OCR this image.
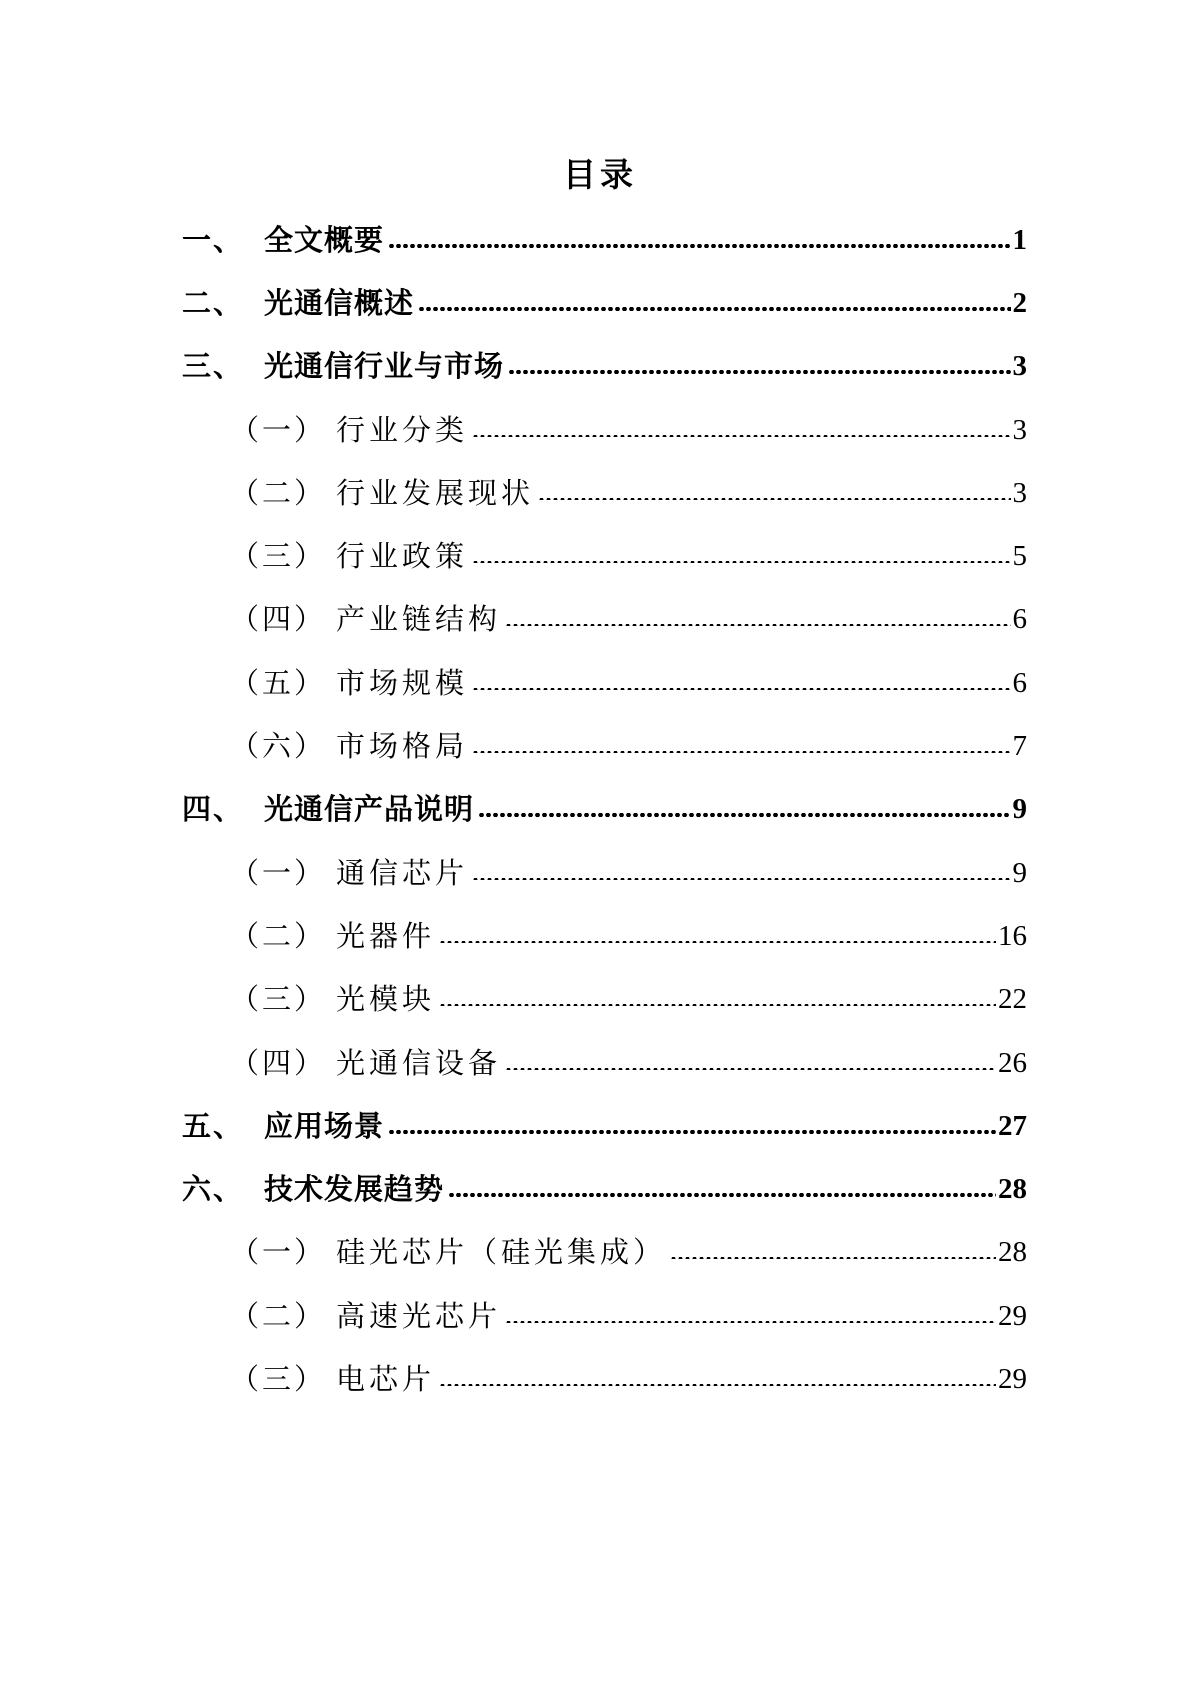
目录
一、 全文概要	1
二、 光通信概述	2
三、 光通信行业与市场	3
（一） 行业分类	3
（二） 行业发展现状	3
（三） 行业政策	5
（四） 产业链结构	6
（五） 市场规模	6
（六） 市场格局	7
四、 光通信产品说明	9
（一） 通信芯片	9
（二） 光器件	16
（三） 光模块	22
（四） 光通信设备	26
五、 应用场景	27
六、 技术发展趋势	28
（一） 硅光芯片（硅光集成）	28
（二） 高速光芯片	29
（三） 电芯片	29
